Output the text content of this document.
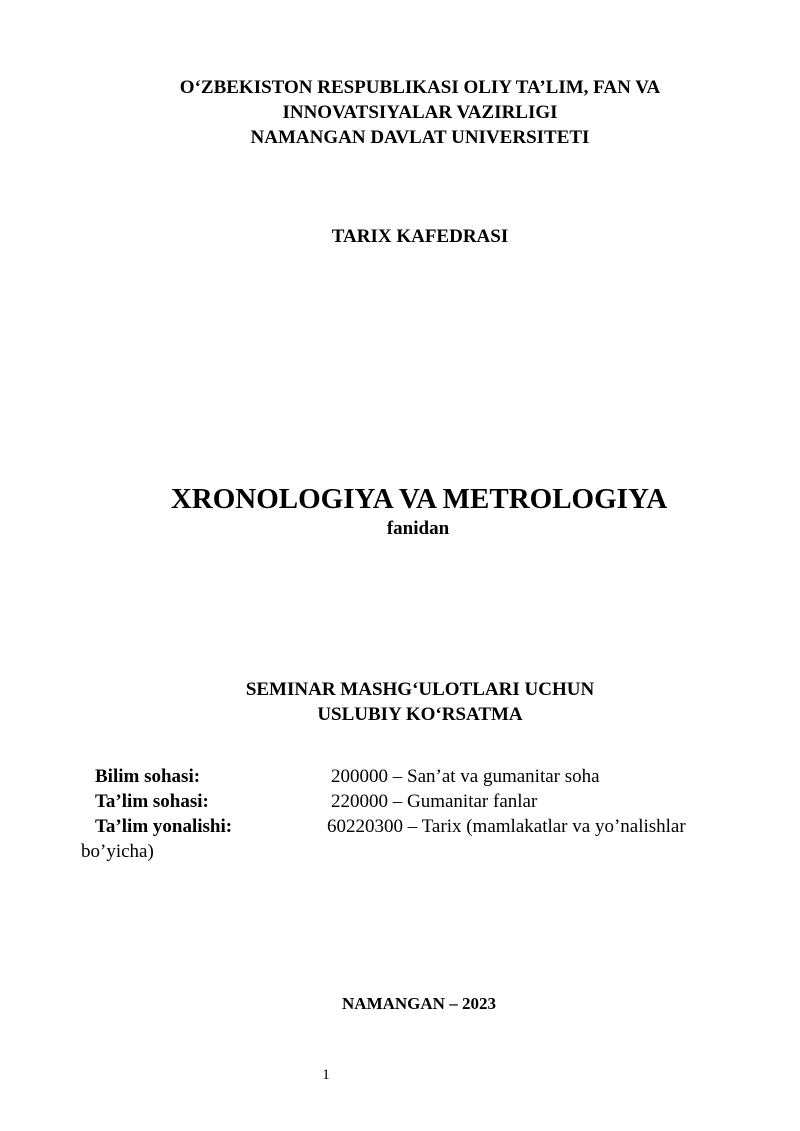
O‘ZBEKISTON RESPUBLIKASI OLIY TA’LIM, FAN VA
INNOVATSIYALAR VAZIRLIGI
NAMANGAN DAVLAT UNIVERSITETI
TARIX KAFEDRASI
XRONOLOGIYA VA METROLOGIYA
fanidan
SEMINAR MASHG‘ULOTLARI UCHUN
USLUBIY KO‘RSATMA
Bilim sohasi:	200000 – San’at va gumanitar soha
Ta’lim sohasi:	220000 – Gumanitar fanlar
Ta’lim yonalishi:	60220300 – Tarix (mamlakatlar va yo’nalishlar
bo’yicha)
NAMANGAN – 2023
1
